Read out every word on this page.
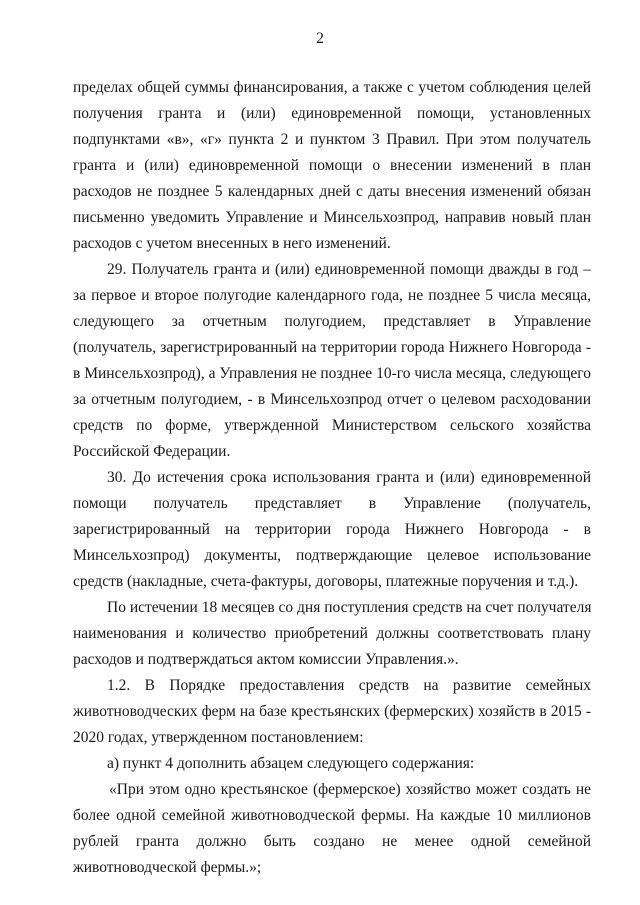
2
пределах общей суммы финансирования, а также с учетом соблюдения целей
получения гранта и (или) единовременной помощи, установленных
подпунктами «в», «г» пункта 2 и пунктом 3 Правил. При этом получатель
гранта и (или) единовременной помощи о внесении изменений в план
расходов не позднее 5 календарных дней с даты внесения изменений обязан
письменно уведомить Управление и Минсельхозпрод, направив новый план
расходов с учетом внесенных в него изменений.
29. Получатель гранта и (или) единовременной помощи дважды в год –
за первое и второе полугодие календарного года, не позднее 5 числа месяца,
следующего за отчетным полугодием, представляет в Управление
(получатель, зарегистрированный на территории города Нижнего Новгорода -
в Минсельхозпрод), а Управления не позднее 10-го числа месяца, следующего
за отчетным полугодием, - в Минсельхозпрод отчет о целевом расходовании
средств по форме, утвержденной Министерством сельского хозяйства
Российской Федерации.
30. До истечения срока использования гранта и (или) единовременной
помощи получатель представляет в Управление (получатель,
зарегистрированный на территории города Нижнего Новгорода - в
Минсельхозпрод) документы, подтверждающие целевое использование
средств (накладные, счета-фактуры, договоры, платежные поручения и т.д.).
По истечении 18 месяцев со дня поступления средств на счет получателя
наименования и количество приобретений должны соответствовать плану
расходов и подтверждаться актом комиссии Управления.».
1.2. В Порядке предоставления средств на развитие семейных
животноводческих ферм на базе крестьянских (фермерских) хозяйств в 2015 -
2020 годах, утвержденном постановлением:
а) пункт 4 дополнить абзацем следующего содержания:
«При этом одно крестьянское (фермерское) хозяйство может создать не
более одной семейной животноводческой фермы. На каждые 10 миллионов
рублей гранта должно быть создано не менее одной семейной
животноводческой фермы.»;
